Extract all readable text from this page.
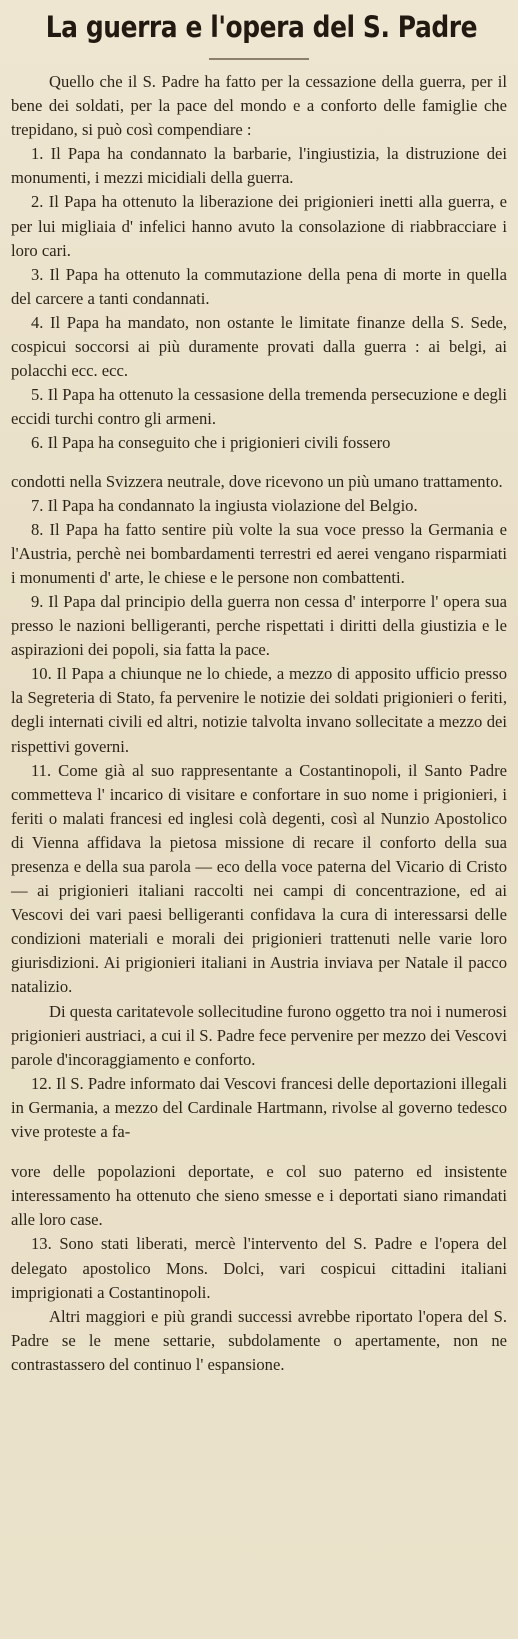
La guerra e l'opera del S. Padre

Quello che il S. Padre ha fatto per la cessazione della guerra, per il bene dei soldati, per la pace del mondo e a conforto delle famiglie che trepidano, si può così compendiare :

1. Il Papa ha condannato la barbarie, l'ingiustizia, la distruzione dei monumenti, i mezzi micidiali della guerra.

2. Il Papa ha ottenuto la liberazione dei prigionieri inetti alla guerra, e per lui migliaia d' infelici hanno avuto la consolazione di riabbracciare i loro cari.

3. Il Papa ha ottenuto la commutazione della pena di morte in quella del carcere a tanti condannati.

4. Il Papa ha mandato, non ostante le limitate finanze della S. Sede, cospicui soccorsi ai più duramente provati dalla guerra : ai belgi, ai polacchi ecc. ecc.

5. Il Papa ha ottenuto la cessasione della tremenda persecuzione e degli eccidi turchi contro gli armeni.

6. Il Papa ha conseguito che i prigionieri civili fossero

condotti nella Svizzera neutrale, dove ricevono un più umano trattamento.

7. Il Papa ha condannato la ingiusta violazione del Belgio.

8. Il Papa ha fatto sentire più volte la sua voce presso la Germania e l'Austria, perchè nei bombardamenti terrestri ed aerei vengano risparmiati i monumenti d' arte, le chiese e le persone non combattenti.

9. Il Papa dal principio della guerra non cessa d' interporre l' opera sua presso le nazioni belligeranti, perche rispettati i diritti della giustizia e le aspirazioni dei popoli, sia fatta la pace.

10. Il Papa a chiunque ne lo chiede, a mezzo di apposito ufficio presso la Segreteria di Stato, fa pervenire le notizie dei soldati prigionieri o feriti, degli internati civili ed altri, notizie talvolta invano sollecitate a mezzo dei rispettivi governi.

11. Come già al suo rappresentante a Costantinopoli, il Santo Padre commetteva l' incarico di visitare e confortare in suo nome i prigionieri, i feriti o malati francesi ed inglesi colà degenti, così al Nunzio Apostolico di Vienna affidava la pietosa missione di recare il conforto della sua presenza e della sua parola — eco della voce paterna del Vicario di Cristo — ai prigionieri italiani raccolti nei campi di concentrazione, ed ai Vescovi dei vari paesi belligeranti confidava la cura di interessarsi delle condizioni materiali e morali dei prigionieri trattenuti nelle varie loro giurisdizioni. Ai prigionieri italiani in Austria inviava per Natale il pacco natalizio.

Di questa caritatevole sollecitudine furono oggetto tra noi i numerosi prigionieri austriaci, a cui il S. Padre fece pervenire per mezzo dei Vescovi parole d'incoraggiamento e conforto.

12. Il S. Padre informato dai Vescovi francesi delle deportazioni illegali in Germania, a mezzo del Cardinale Hartmann, rivolse al governo tedesco vive proteste a fa-

vore delle popolazioni deportate, e col suo paterno ed insistente interessamento ha ottenuto che sieno smesse e i deportati siano rimandati alle loro case.

13. Sono stati liberati, mercè l'intervento del S. Padre e l'opera del delegato apostolico Mons. Dolci, vari cospicui cittadini italiani imprigionati a Costantinopoli.

Altri maggiori e più grandi successi avrebbe riportato l'opera del S. Padre se le mene settarie, subdolamente o apertamente, non ne contrastassero del continuo l' espansione.
